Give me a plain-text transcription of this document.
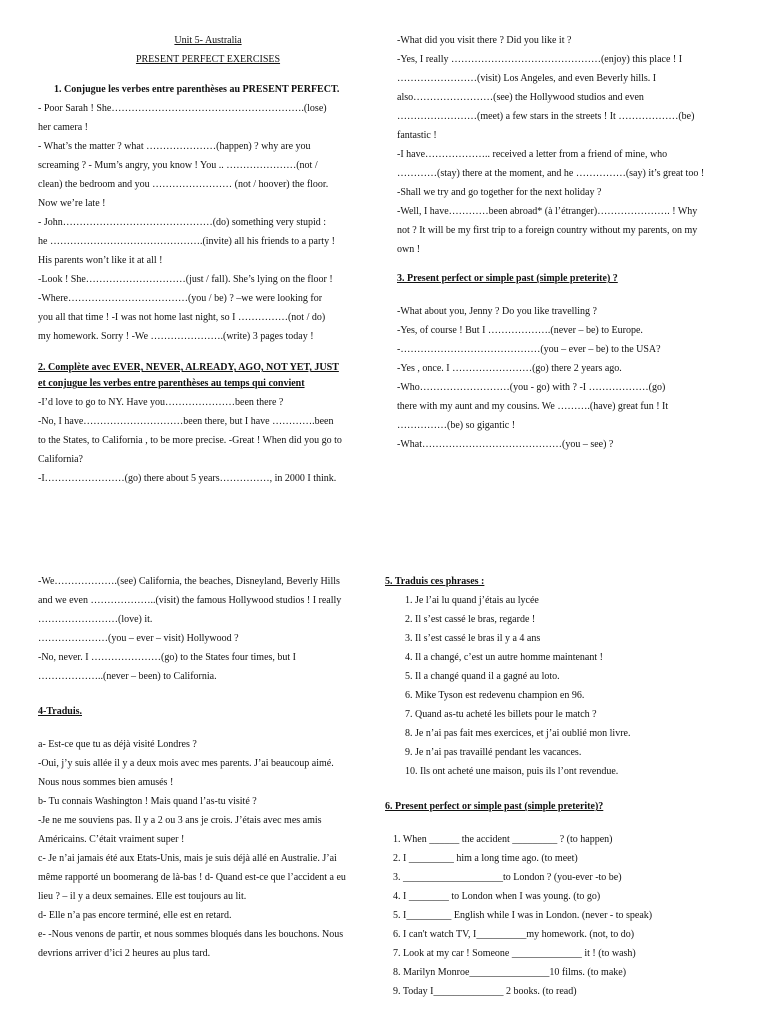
Unit 5- Australia
PRESENT PERFECT EXERCISES
1. Conjugue les verbes entre parenthèses au PRESENT PERFECT.
- Poor Sarah ! She………………………………………………….(lose)
her camera !
- What’s the matter ? what …………………(happen) ? why are you
screaming ? - Mum’s angry, you know ! You .. …………………(not /
clean) the bedroom and you …………………… (not / hoover) the floor.
Now we’re late !
- John………………………………………(do) something very stupid :
he ……………………………………….(invite) all his friends to a party !
His parents won’t like it at all !
-Look ! She…………………………(just / fall). She’s lying on the floor !
-Where………………………………(you / be) ? –we were looking for
you all that time ! -I was not home last night, so I ……………(not / do)
my homework. Sorry ! -We ………………….(write) 3 pages today !
2. Complète avec EVER, NEVER, ALREADY, AGO, NOT YET, JUST
et conjugue les verbes entre parenthèses au temps qui convient
-I’d love to go to NY. Have you…………………been there ?
-No, I have…………………………been there, but I have ………….been
to the States, to California , to be more precise. -Great ! When did you go to
California?
-I……………………(go) there about 5 years……………, in 2000 I think.
-What did you visit there ? Did you like it ?
-Yes, I really ………………………………………(enjoy) this place ! I
……………………(visit) Los Angeles, and even Beverly hills. I
also……………………(see) the Hollywood studios and even
……………………(meet) a few stars in the streets ! It ………………(be)
fantastic !
-I have……………….. received a letter from a friend of mine, who
…………(stay) there at the moment, and he ……………(say) it’s great too !
-Shall we try and go together for the next holiday ?
-Well, I have…………been abroad* (à l’étranger)…………………. ! Why
not ? It will be my first trip to a foreign country without my parents, on my
own !
3. Present perfect or simple past (simple preterite) ?
-What about you, Jenny ? Do you like travelling ?
-Yes, of course ! But I ……………….(never – be) to Europe.
-……………………………………(you – ever – be) to the USA?
-Yes , once. I ……………………(go) there 2 years ago.
-Who………………………(you - go) with ? -I ………………(go)
there with my aunt and my cousins. We ……….(have) great fun ! It
……………(be) so gigantic !
-What……………………………………(you – see) ?
-We……………….(see) California, the beaches, Disneyland, Beverly Hills
and we even ………………..(visit) the famous Hollywood studios ! I really
……………………(love) it.
…………………(you – ever – visit) Hollywood ?
-No, never. I …………………(go) to the States four times, but I
………………..(never – been) to California.
4-Traduis.
a- Est-ce que tu as déjà visité Londres ?
-Oui, j’y suis allée il y a deux mois avec mes parents. J’ai beaucoup aimé.
Nous nous sommes bien amusés !
b- Tu connais Washington ! Mais quand l’as-tu visité ?
-Je ne me souviens pas. Il y a 2 ou 3 ans je crois. J’étais avec mes amis
Américains. C’était vraiment super !
c- Je n’ai jamais été aux Etats-Unis, mais je suis déjà allé en Australie. J’ai
même rapporté un boomerang de là-bas ! d- Quand est-ce que l’accident a eu
lieu ? – il y a deux semaines. Elle est toujours au lit.
d- Elle n’a pas encore terminé, elle est en retard.
e- -Nous venons de partir, et nous sommes bloqués dans les bouchons. Nous
devrions arriver d’ici 2 heures au plus tard.
5. Traduis ces phrases :
1. Je l’ai lu quand j’étais au lycée
2. Il s’est cassé le bras, regarde !
3. Il s’est cassé le bras il y a 4 ans
4. Il a changé, c’est un autre homme maintenant !
5. Il a changé quand il a gagné au loto.
6. Mike Tyson est redevenu champion en 96.
7. Quand as-tu acheté les billets pour le match ?
8. Je n’ai pas fait mes exercices, et j’ai oublié mon livre.
9. Je n’ai pas travaillé pendant les vacances.
10. Ils ont acheté une maison, puis ils l’ont revendue.
6. Present perfect or simple past (simple preterite)?
1. When ______ the accident _________ ? (to happen)
2. I _________ him a long time ago. (to meet)
3. ____________________to London ? (you-ever -to be)
4. I ________ to London when I was young. (to go)
5. I_________ English while I was in London. (never - to speak)
6. I can't watch TV, I__________my homework. (not, to do)
7. Look at my car ! Someone ______________ it ! (to wash)
8. Marilyn Monroe________________10 films. (to make)
9. Today I______________ 2 books. (to read)
